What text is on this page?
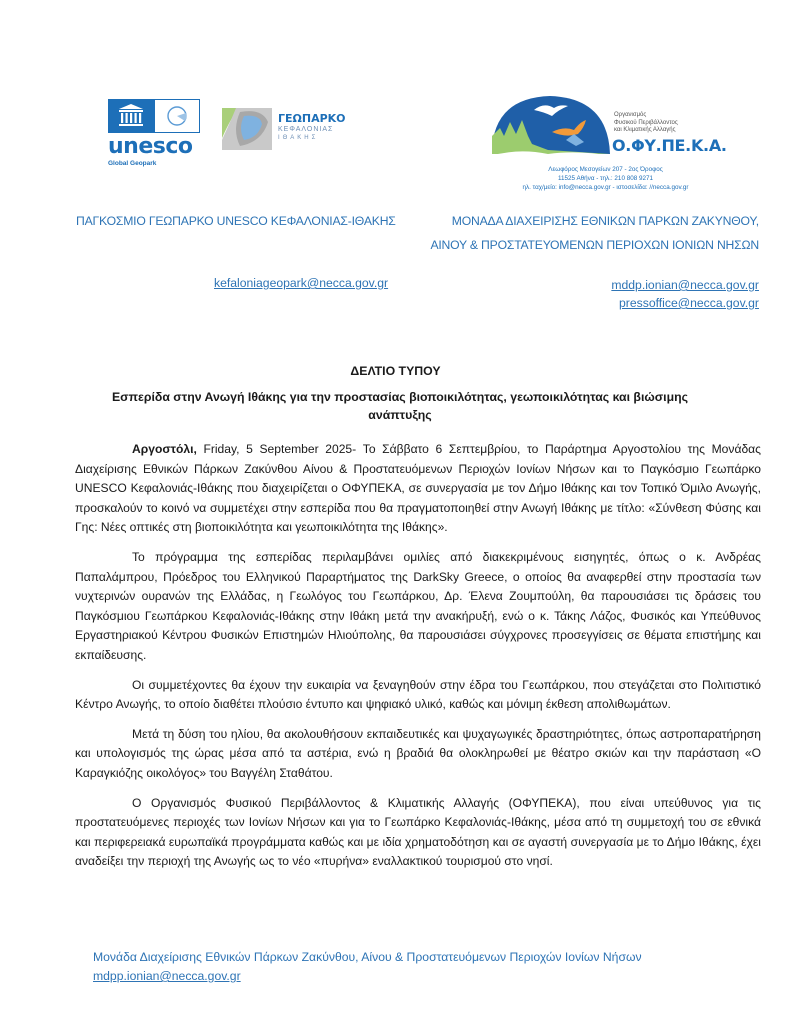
unesco
Global Geopark
ΓΕΩΠΑΡΚΟ
ΚΕΦΑΛΟΝΙΑΣ
ΙΘΑΚΗΣ
Οργανισμός
Φυσικού Περιβάλλοντος
και Κλιματικής Αλλαγής
Ο.ΦΥ.ΠΕ.Κ.Α.
Λεωφόρος Μεσογείων 207 - 2ος Όροφος
11525 Αθήνα - τηλ.: 210 808 9271
ηλ. ταχ/μείο: info@necca.gov.gr - ιστοσελίδα: //necca.gov.gr
ΠΑΓΚΟΣΜΙΟ ΓΕΩΠΑΡΚΟ UNESCO ΚΕΦΑΛΟΝΙΑΣ-ΙΘΑΚΗΣ	ΜΟΝΑΔΑ ΔΙΑΧΕΙΡΙΣΗΣ ΕΘΝΙΚΩΝ ΠΑΡΚΩΝ ΖΑΚΥΝΘΟΥ,
ΑΙΝΟΥ & ΠΡΟΣΤΑΤΕΥΟΜΕΝΩΝ ΠΕΡΙΟΧΩΝ ΙΟΝΙΩΝ ΝΗΣΩΝ
kefaloniageopark@necca.gov.gr	mddp.ionian@necca.gov.gr
pressoffice@necca.gov.gr
ΔΕΛΤΙΟ ΤΥΠΟΥ
Εσπερίδα στην Ανωγή Ιθάκης για την προστασίας βιοποικιλότητας, γεωποικιλότητας και βιώσιμης ανάπτυξης

Αργοστόλι, Friday, 5 September 2025- Το Σάββατο 6 Σεπτεμβρίου, το Παράρτημα Αργοστολίου της Μονάδας Διαχείρισης Εθνικών Πάρκων Ζακύνθου Αίνου & Προστατευόμενων Περιοχών Ιονίων Νήσων και το Παγκόσμιο Γεωπάρκο UNESCO Κεφαλονιάς-Ιθάκης που διαχειρίζεται ο ΟΦΥΠΕΚΑ, σε συνεργασία με τον Δήμο Ιθάκης και τον Τοπικό Όμιλο Ανωγής, προσκαλούν το κοινό να συμμετέχει στην εσπερίδα που θα πραγματοποιηθεί στην Ανωγή Ιθάκης με τίτλο: «Σύνθεση Φύσης και Γης: Νέες οπτικές στη βιοποικιλότητα και γεωποικιλότητα της Ιθάκης».

Το πρόγραμμα της εσπερίδας περιλαμβάνει ομιλίες από διακεκριμένους εισηγητές, όπως ο κ. Ανδρέας Παπαλάμπρου, Πρόεδρος του Ελληνικού Παραρτήματος της DarkSky Greece, ο οποίος θα αναφερθεί στην προστασία των νυχτερινών ουρανών της Ελλάδας, η Γεωλόγος του Γεωπάρκου, Δρ. Έλενα Ζουμπούλη, θα παρουσιάσει τις δράσεις του Παγκόσμιου Γεωπάρκου Κεφαλονιάς-Ιθάκης στην Ιθάκη μετά την ανακήρυξή, ενώ ο κ. Τάκης Λάζος, Φυσικός και Υπεύθυνος Εργαστηριακού Κέντρου Φυσικών Επιστημών Ηλιούπολης, θα παρουσιάσει σύγχρονες προσεγγίσεις σε θέματα επιστήμης και εκπαίδευσης.

Οι συμμετέχοντες θα έχουν την ευκαιρία να ξεναγηθούν στην έδρα του Γεωπάρκου, που στεγάζεται στο Πολιτιστικό Κέντρο Ανωγής, το οποίο διαθέτει πλούσιο έντυπο και ψηφιακό υλικό, καθώς και μόνιμη έκθεση απολιθωμάτων.

Μετά τη δύση του ηλίου, θα ακολουθήσουν εκπαιδευτικές και ψυχαγωγικές δραστηριότητες, όπως αστροπαρατήρηση και υπολογισμός της ώρας μέσα από τα αστέρια, ενώ η βραδιά θα ολοκληρωθεί με θέατρο σκιών και την παράσταση «Ο Καραγκιόζης οικολόγος» του Βαγγέλη Σταθάτου.

Ο Οργανισμός Φυσικού Περιβάλλοντος & Κλιματικής Αλλαγής (ΟΦΥΠΕΚΑ), που είναι υπεύθυνος για τις προστατευόμενες περιοχές των Ιονίων Νήσων και για το Γεωπάρκο Κεφαλονιάς-Ιθάκης, μέσα από τη συμμετοχή του σε εθνικά και περιφερειακά ευρωπαϊκά προγράμματα καθώς και με ιδία χρηματοδότηση και σε αγαστή συνεργασία με το Δήμο Ιθάκης, έχει αναδείξει την περιοχή της Ανωγής ως το νέο «πυρήνα» εναλλακτικού τουρισμού στο νησί.

Μονάδα Διαχείρισης Εθνικών Πάρκων Ζακύνθου, Αίνου & Προστατευόμενων Περιοχών Ιονίων Νήσων
mdpp.ionian@necca.gov.gr
